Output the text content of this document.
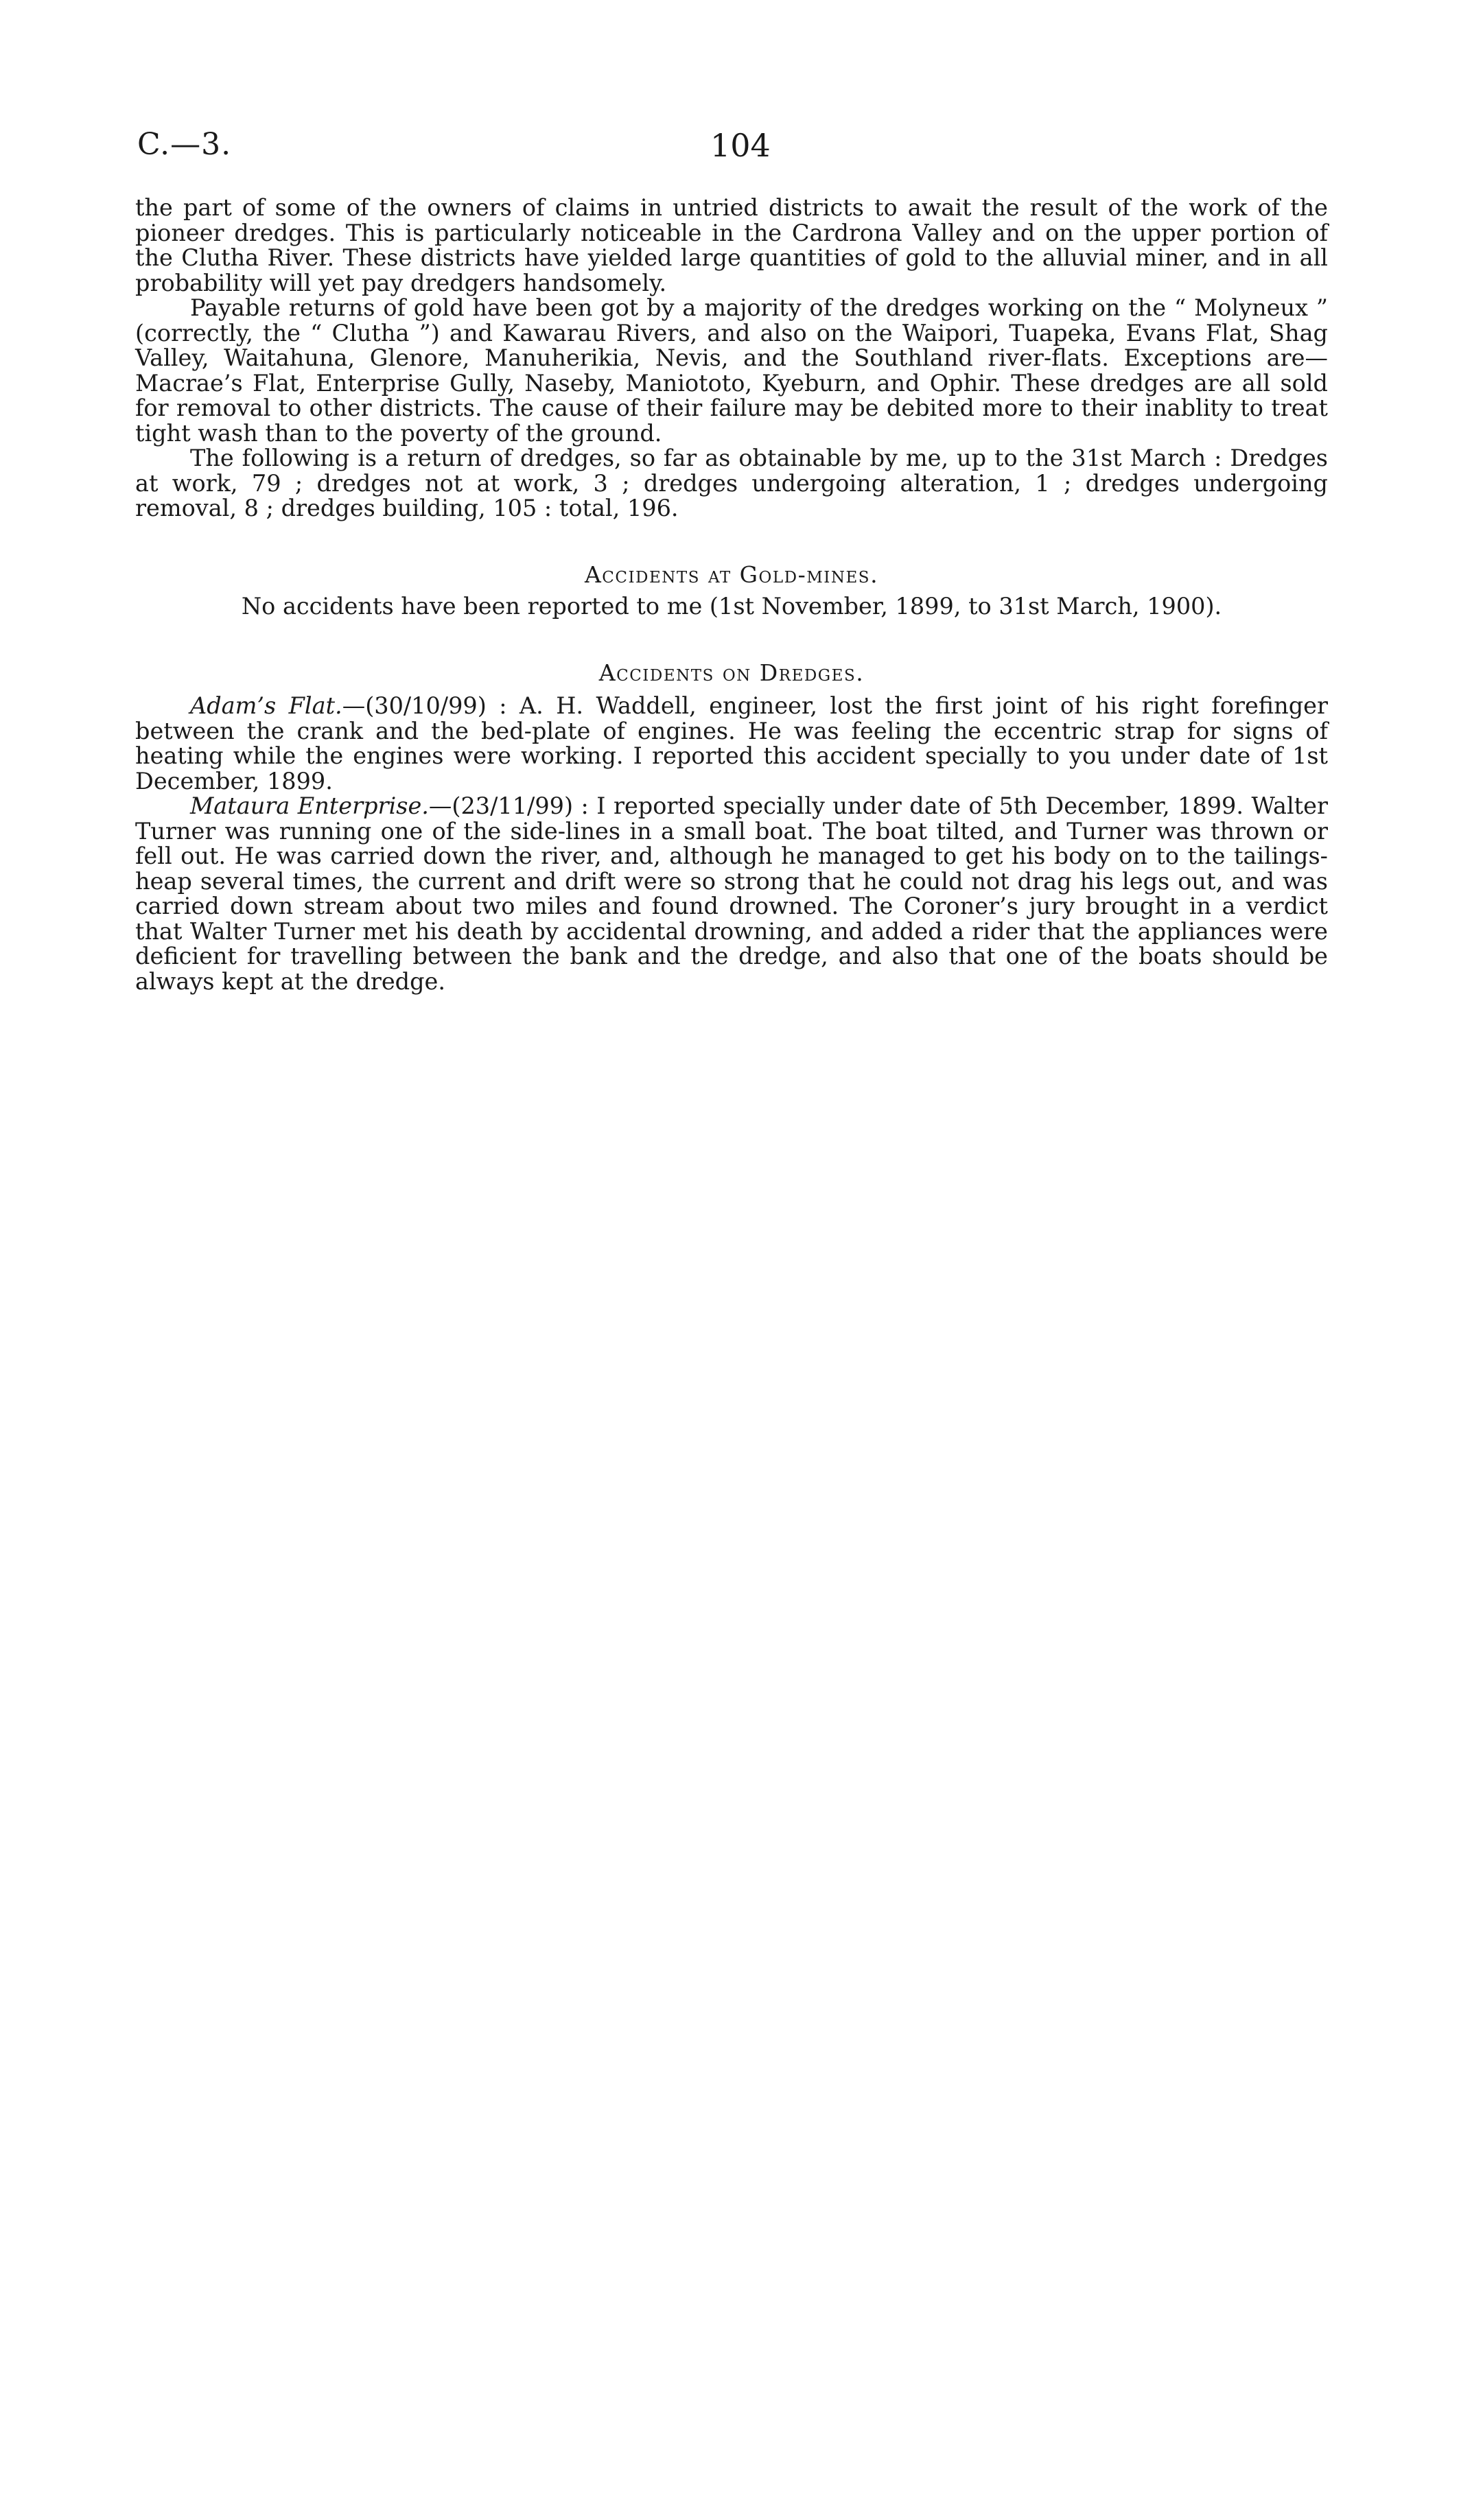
C.—3.	104

the part of some of the owners of claims in untried districts to await the result of the work of the pioneer dredges. This is particularly noticeable in the Cardrona Valley and on the upper portion of the Clutha River. These districts have yielded large quantities of gold to the alluvial miner, and in all probability will yet pay dredgers handsomely.

Payable returns of gold have been got by a majority of the dredges working on the “ Molyneux ” (correctly, the “ Clutha ”) and Kawarau Rivers, and also on the Waipori, Tuapeka, Evans Flat, Shag Valley, Waitahuna, Glenore, Manuherikia, Nevis, and the Southland river-flats. Exceptions are—Macrae’s Flat, Enterprise Gully, Naseby, Maniototo, Kyeburn, and Ophir. These dredges are all sold for removal to other districts. The cause of their failure may be debited more to their inablity to treat tight wash than to the poverty of the ground.

The following is a return of dredges, so far as obtainable by me, up to the 31st March : Dredges at work, 79 ; dredges not at work, 3 ; dredges undergoing alteration, 1 ; dredges undergoing removal, 8 ; dredges building, 105 : total, 196.

Accidents at Gold-mines.

No accidents have been reported to me (1st November, 1899, to 31st March, 1900).

Accidents on Dredges.

Adam’s Flat.—(30/10/99) : A. H. Waddell, engineer, lost the first joint of his right forefinger between the crank and the bed-plate of engines. He was feeling the eccentric strap for signs of heating while the engines were working. I reported this accident specially to you under date of 1st December, 1899.

Mataura Enterprise.—(23/11/99) : I reported specially under date of 5th December, 1899. Walter Turner was running one of the side-lines in a small boat. The boat tilted, and Turner was thrown or fell out. He was carried down the river, and, although he managed to get his body on to the tailings-heap several times, the current and drift were so strong that he could not drag his legs out, and was carried down stream about two miles and found drowned. The Coroner’s jury brought in a verdict that Walter Turner met his death by accidental drowning, and added a rider that the appliances were deficient for travelling between the bank and the dredge, and also that one of the boats should be always kept at the dredge.
